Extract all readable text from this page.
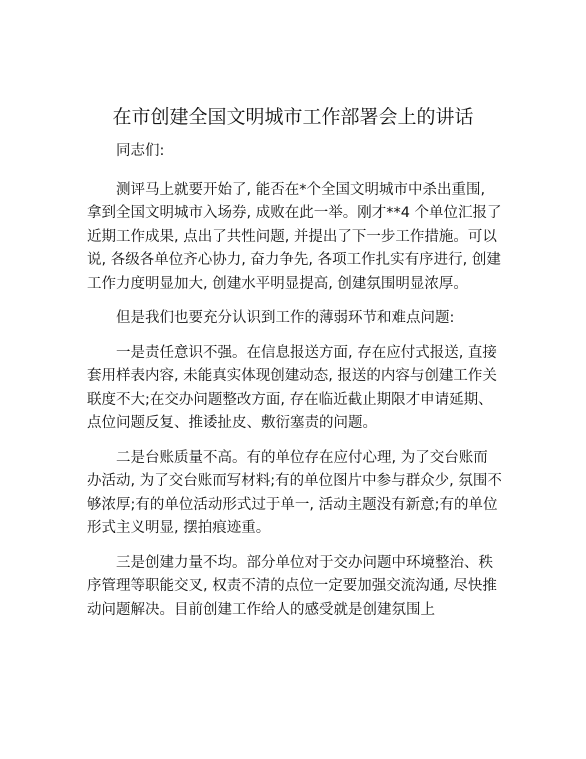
在市创建全国文明城市工作部署会上的讲话

同志们:

测评马上就要开始了, 能否在*个全国文明城市中杀出重围, 拿到全国文明城市入场券, 成败在此一举。刚才**4 个单位汇报了近期工作成果, 点出了共性问题, 并提出了下一步工作措施。可以说, 各级各单位齐心协力, 奋力争先, 各项工作扎实有序进行, 创建工作力度明显加大, 创建水平明显提高, 创建氛围明显浓厚。

但是我们也要充分认识到工作的薄弱环节和难点问题:

一是责任意识不强。在信息报送方面, 存在应付式报送, 直接套用样表内容, 未能真实体现创建动态, 报送的内容与创建工作关联度不大;在交办问题整改方面, 存在临近截止期限才申请延期、点位问题反复、推诿扯皮、敷衍塞责的问题。

二是台账质量不高。有的单位存在应付心理, 为了交台账而办活动, 为了交台账而写材料;有的单位图片中参与群众少, 氛围不够浓厚;有的单位活动形式过于单一, 活动主题没有新意;有的单位形式主义明显, 摆拍痕迹重。

三是创建力量不均。部分单位对于交办问题中环境整治、秩序管理等职能交叉, 权责不清的点位一定要加强交流沟通, 尽快推动问题解决。目前创建工作给人的感受就是创建氛围上
